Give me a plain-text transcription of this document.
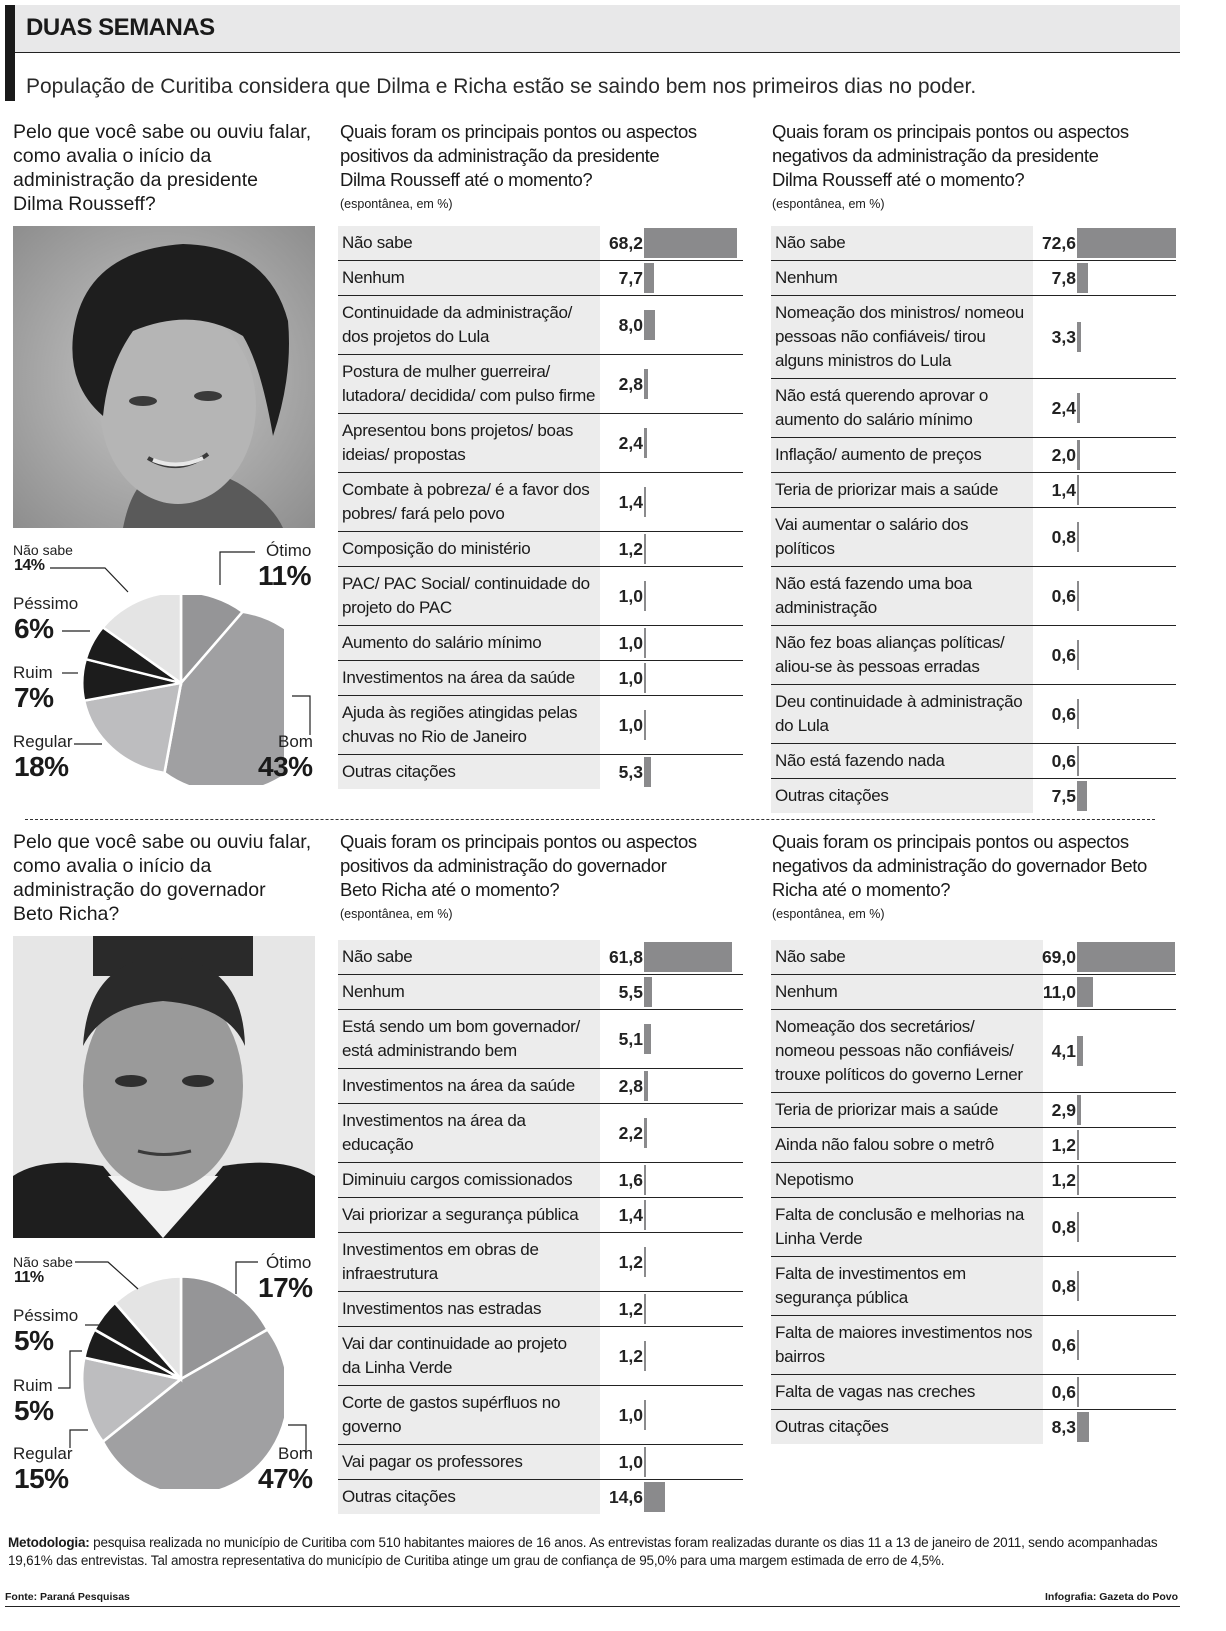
DUAS SEMANAS
População de Curitiba considera que Dilma e Richa estão se saindo bem nos primeiros dias no poder.
Pelo que você sabe ou ouviu falar,
como avalia o início da
administração da presidente
Dilma Rousseff?
Não sabe
14%
Péssimo
6%
Ruim
7%
Regular
18%
Ótimo
11%
Bom
43%
Quais foram os principais pontos ou aspectos
positivos da administração da presidente
Dilma Rousseff até o momento?
(espontânea, em %)
Não sabe	68,2
Nenhum	7,7
Continuidade da administração/
dos projetos do Lula
8,0
Postura de mulher guerreira/
lutadora/ decidida/ com pulso firme
2,8
Apresentou bons projetos/ boas
ideias/ propostas
2,4
Combate à pobreza/ é a favor dos
pobres/ fará pelo povo
1,4
Composição do ministério	1,2
PAC/ PAC Social/ continuidade do
projeto do PAC
1,0
Aumento do salário mínimo	1,0
Investimentos na área da saúde	1,0
Ajuda às regiões atingidas pelas
chuvas no Rio de Janeiro
1,0
Outras citações	5,3
Quais foram os principais pontos ou aspectos
negativos da administração da presidente
Dilma Rousseff até o momento?
(espontânea, em %)
Não sabe	72,6
Nenhum	7,8
Nomeação dos ministros/ nomeou
pessoas não confiáveis/ tirou
alguns ministros do Lula
3,3
Não está querendo aprovar o
aumento do salário mínimo
2,4
Inflação/ aumento de preços	2,0
Teria de priorizar mais a saúde	1,4
Vai aumentar o salário dos políticos
0,8
Não está fazendo uma boa
administração
0,6
Não fez boas alianças políticas/
aliou-se às pessoas erradas
0,6
Deu continuidade à administração
do Lula
0,6
Não está fazendo nada	0,6
Outras citações	7,5
Pelo que você sabe ou ouviu falar,
como avalia o início da
administração do governador
Beto Richa?
Não sabe
11%
Péssimo
5%
Ruim
5%
Regular
15%
Ótimo
17%
Bom
47%
Quais foram os principais pontos ou aspectos
positivos da administração do governador
Beto Richa até o momento?
(espontânea, em %)
Não sabe	61,8
Nenhum	5,5
Está sendo um bom governador/
está administrando bem
5,1
Investimentos na área da saúde	2,8
Investimentos na área da educação
2,2
Diminuiu cargos comissionados	1,6
Vai priorizar a segurança pública	1,4
Investimentos em obras de
infraestrutura
1,2
Investimentos nas estradas	1,2
Vai dar continuidade ao projeto
da Linha Verde
1,2
Corte de gastos supérfluos no governo
1,0
Vai pagar os professores	1,0
Outras citações	14,6
Quais foram os principais pontos ou aspectos
negativos da administração do governador Beto
Richa até o momento?
(espontânea, em %)
Não sabe	69,0
Nenhum	11,0
Nomeação dos secretários/
nomeou pessoas não confiáveis/
trouxe políticos do governo Lerner
4,1
Teria de priorizar mais a saúde	2,9
Ainda não falou sobre o metrô	1,2
Nepotismo	1,2
Falta de conclusão e melhorias na
Linha Verde
0,8
Falta de investimentos em
segurança pública
0,8
Falta de maiores investimentos nos
bairros
0,6
Falta de vagas nas creches	0,6
Outras citações	8,3
Metodologia: pesquisa realizada no município de Curitiba com 510 habitantes maiores de 16 anos. As entrevistas foram realizadas durante os dias 11 a 13 de janeiro de 2011, sendo acompanhadas
19,61% das entrevistas. Tal amostra representativa do município de Curitiba atinge um grau de confiança de 95,0% para uma margem estimada de erro de 4,5%.
Fonte: Paraná Pesquisas	Infografia: Gazeta do Povo
